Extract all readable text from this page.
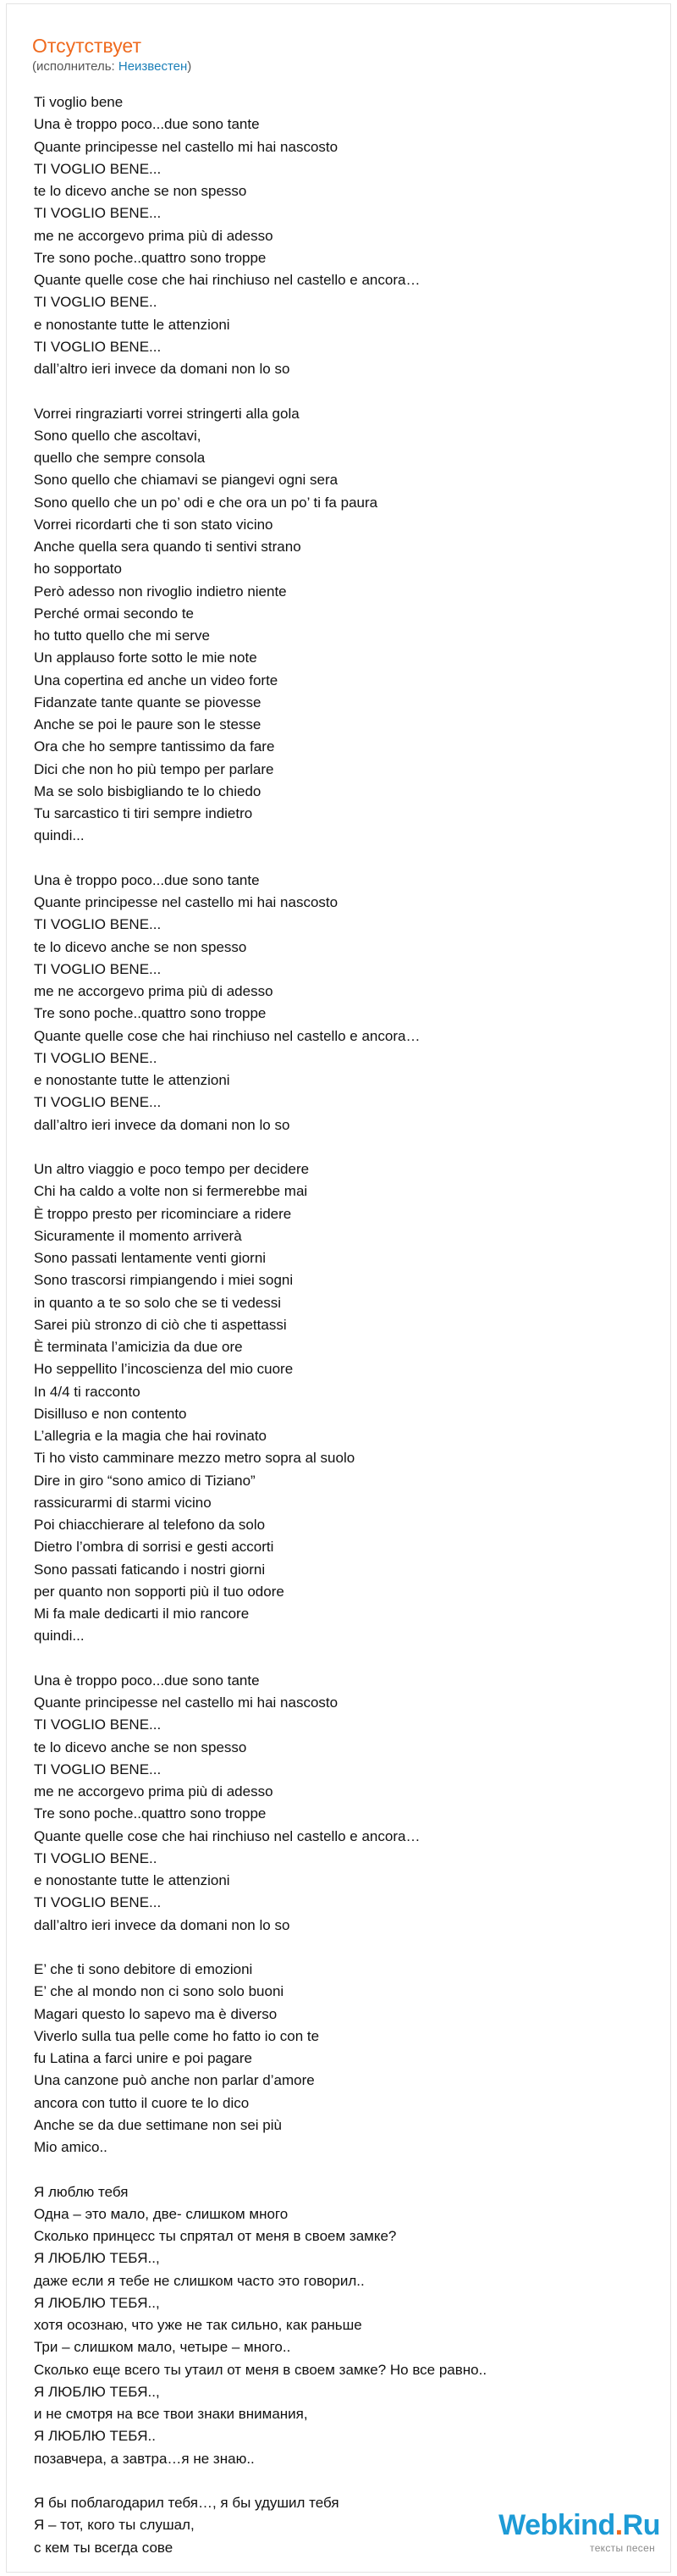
Отсутствует
(исполнитель: Неизвестен)
Ti voglio bene
Una è troppo poco...due sono tante
Quante principesse nel castello mi hai nascosto
TI VOGLIO BENE...
te lo dicevo anche se non spesso
TI VOGLIO BENE...
me ne accorgevo prima più di adesso
Tre sono poche..quattro sono troppe
Quante quelle cose che hai rinchiuso nel castello e ancora…
TI VOGLIO BENE..
e nonostante tutte le attenzioni
TI VOGLIO BENE...
dall’altro ieri invece da domani non lo so
Vorrei ringraziarti vorrei stringerti alla gola
Sono quello che ascoltavi,
quello che sempre consola
Sono quello che chiamavi se piangevi ogni sera
Sono quello che un po’ odi e che ora un po’ ti fa paura
Vorrei ricordarti che ti son stato vicino
Anche quella sera quando ti sentivi strano
ho sopportato
Però adesso non rivoglio indietro niente
Perché ormai secondo te
ho tutto quello che mi serve
Un applauso forte sotto le mie note
Una copertina ed anche un video forte
Fidanzate tante quante se piovesse
Anche se poi le paure son le stesse
Ora che ho sempre tantissimo da fare
Dici che non ho più tempo per parlare
Ma se solo bisbigliando te lo chiedo
Tu sarcastico ti tiri sempre indietro
quindi...
Una è troppo poco...due sono tante
Quante principesse nel castello mi hai nascosto
TI VOGLIO BENE...
te lo dicevo anche se non spesso
TI VOGLIO BENE...
me ne accorgevo prima più di adesso
Tre sono poche..quattro sono troppe
Quante quelle cose che hai rinchiuso nel castello e ancora…
TI VOGLIO BENE..
e nonostante tutte le attenzioni
TI VOGLIO BENE...
dall’altro ieri invece da domani non lo so
Un altro viaggio e poco tempo per decidere
Chi ha caldo a volte non si fermerebbe mai
È troppo presto per ricominciare a ridere
Sicuramente il momento arriverà
Sono passati lentamente venti giorni
Sono trascorsi rimpiangendo i miei sogni
in quanto a te so solo che se ti vedessi
Sarei più stronzo di ciò che ti aspettassi
È terminata l’amicizia da due ore
Ho seppellito l’incoscienza del mio cuore
In 4/4 ti racconto
Disilluso e non contento
L’allegria e la magia che hai rovinato
Ti ho visto camminare mezzo metro sopra al suolo
Dire in giro “sono amico di Tiziano”
rassicurarmi di starmi vicino
Poi chiacchierare al telefono da solo
Dietro l’ombra di sorrisi e gesti accorti
Sono passati faticando i nostri giorni
per quanto non sopporti più il tuo odore
Mi fa male dedicarti il mio rancore
quindi...
Una è troppo poco...due sono tante
Quante principesse nel castello mi hai nascosto
TI VOGLIO BENE...
te lo dicevo anche se non spesso
TI VOGLIO BENE...
me ne accorgevo prima più di adesso
Tre sono poche..quattro sono troppe
Quante quelle cose che hai rinchiuso nel castello e ancora…
TI VOGLIO BENE..
e nonostante tutte le attenzioni
TI VOGLIO BENE...
dall’altro ieri invece da domani non lo so
E’ che ti sono debitore di emozioni
E’ che al mondo non ci sono solo buoni
Magari questo lo sapevo ma è diverso
Viverlo sulla tua pelle come ho fatto io con te
fu Latina a farci unire e poi pagare
Una canzone può anche non parlar d’amore
ancora con tutto il cuore te lo dico
Anche se da due settimane non sei più
Mio amico..
Я люблю тебя
Одна – это мало, две- слишком много
Сколько принцесс ты спрятал от меня в своем замке?
Я ЛЮБЛЮ ТЕБЯ..,
даже если я тебе не слишком часто это говорил..
Я ЛЮБЛЮ ТЕБЯ..,
хотя осознаю, что уже не так сильно, как раньше
Три – слишком мало, четыре – много..
Сколько еще всего ты утаил от меня в своем замке? Но все равно..
Я ЛЮБЛЮ ТЕБЯ..,
и не смотря на все твои знаки внимания,
Я ЛЮБЛЮ ТЕБЯ..
позавчера, а завтра…я не знаю..
Я бы поблагодарил тебя…, я бы удушил тебя
Я – тот, кого ты слушал,
с кем ты всегда сове
Webkind.Ru
тексты песен
